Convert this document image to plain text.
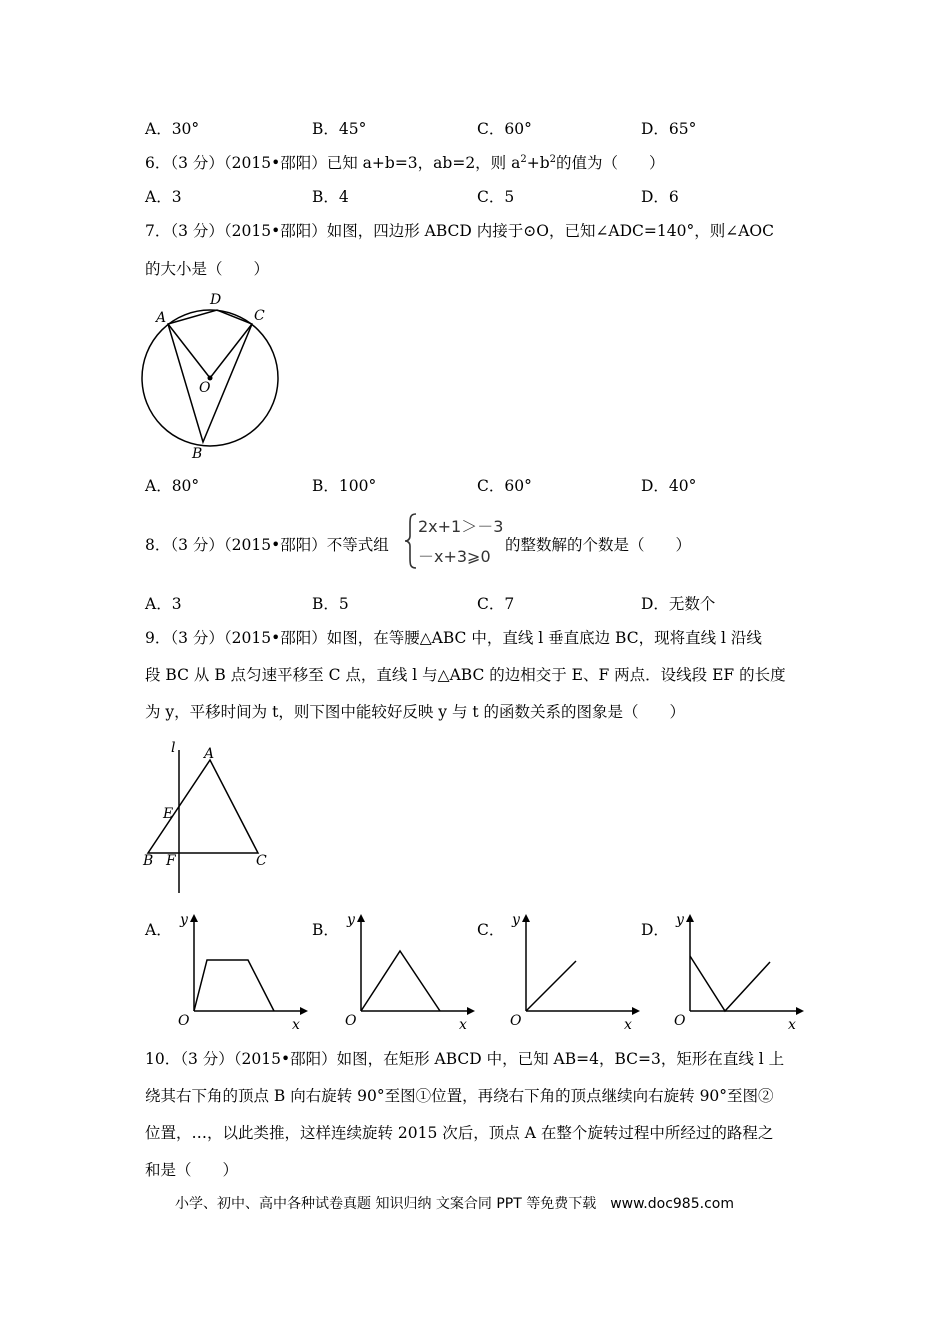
A．30°	B．45°	C．60°	D．65°
6．（3 分）（2015•邵阳）已知 a+b=3，ab=2，则 $a^2+b^2$的值为（　　）
A．3	B．4	C．5	D．6
7．（3 分）（2015•邵阳）如图，四边形 ABCD 内接于⊙O，已知∠ADC=140°，则∠AOC
的大小是（　　）
A
D
C
O
B
A．80°	B．100°	C．60°	D．40°
8．（3 分）（2015•邵阳）不等式组
2x+1＞－3
－x+3⩾0
的整数解的个数是（　　）
A．3	B．5	C．7	D．无数个
9．（3 分）（2015•邵阳）如图，在等腰△ABC 中，直线 l 垂直底边 BC，现将直线 l 沿线
段 BC 从 B 点匀速平移至 C 点，直线 l 与△ABC 的边相交于 E、F 两点．设线段 EF 的长度
为 y，平移时间为 t，则下图中能较好反映 y 与 t 的函数关系的图象是（　　）
l A
E
B F	C
A．
y
x
O
B．
y
x
O
C．
y
x
O
D．
y
x
O
10．（3 分）（2015•邵阳）如图，在矩形 ABCD 中，已知 AB=4，BC=3，矩形在直线 l 上
绕其右下角的顶点 B 向右旋转 90°至图①位置，再绕右下角的顶点继续向右旋转 90°至图②
位置，…，以此类推，这样连续旋转 2015 次后，顶点 A 在整个旋转过程中所经过的路程之
和是（　　）
小学、初中、高中各种试卷真题 知识归纳 文案合同 PPT 等免费下载　www.doc985.com
